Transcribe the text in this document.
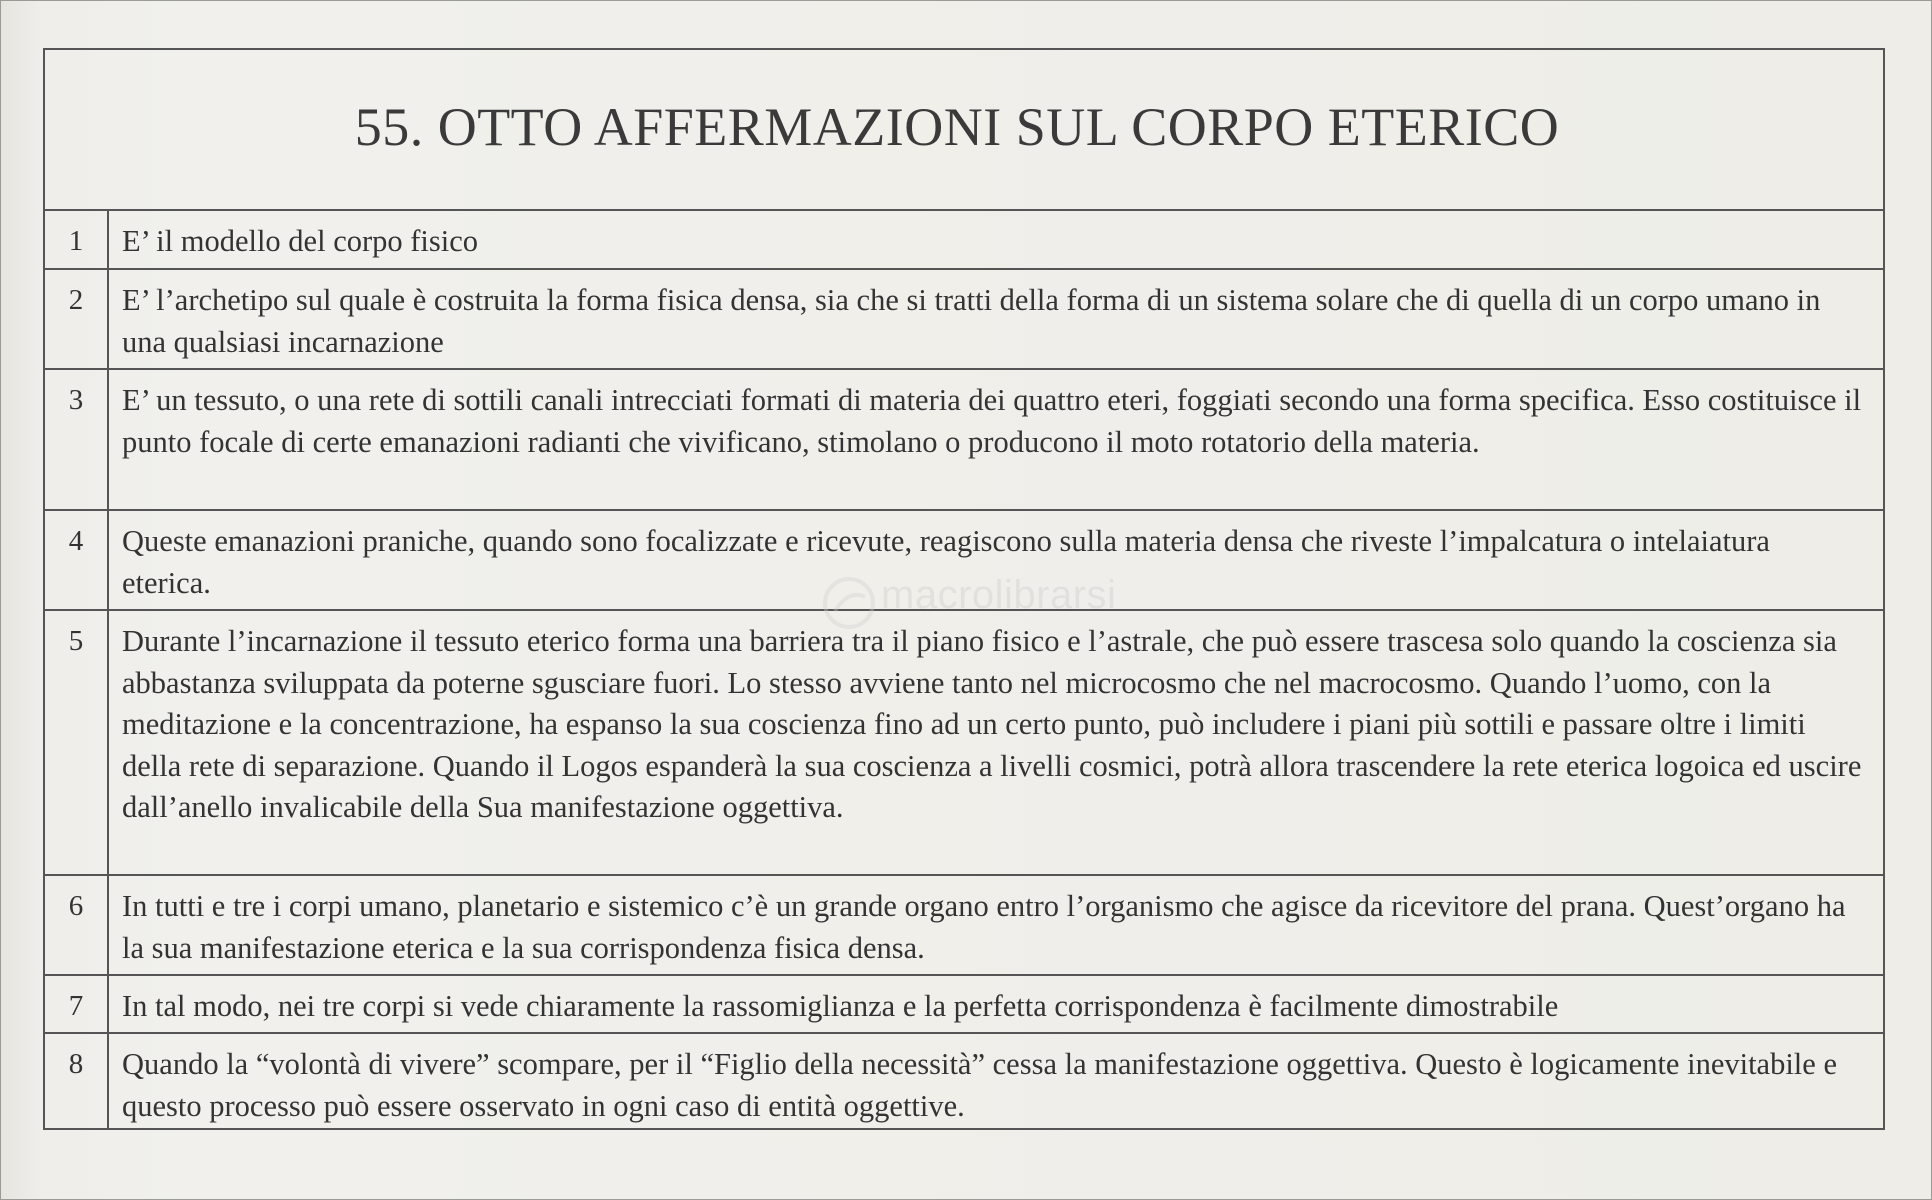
55. OTTO AFFERMAZIONI SUL CORPO ETERICO
1	E’ il modello del corpo fisico
2	E’ l’archetipo sul quale è costruita la forma fisica densa, sia che si tratti della forma di un sistema solare che di quella di un corpo umano in una qualsiasi incarnazione
3	E’ un tessuto, o una rete di sottili canali intrecciati formati di materia dei quattro eteri, foggiati secondo una forma specifica. Esso costituisce il punto focale di certe emanazioni radianti che vivificano, stimolano o producono il moto rotatorio della materia.
4	Queste emanazioni praniche, quando sono focalizzate e ricevute, reagiscono sulla materia densa che riveste l’impalcatura o intelaiatura eterica.
5	Durante l’incarnazione il tessuto eterico forma una barriera tra il piano fisico e l’astrale, che può essere trascesa solo quando la coscienza sia abbastanza sviluppata da poterne sgusciare fuori. Lo stesso avviene tanto nel microcosmo che nel macrocosmo. Quando l’uomo, con la meditazione e la concentrazione, ha espanso la sua coscienza fino ad un certo punto, può includere i piani più sottili e passare oltre i limiti della rete di separazione. Quando il Logos espanderà la sua coscienza a livelli cosmici, potrà allora trascendere la rete eterica logoica ed uscire dall’anello invalicabile della Sua manifestazione oggettiva.
6	In tutti e tre i corpi umano, planetario e sistemico c’è un grande organo entro l’organismo che agisce da ricevitore del prana. Quest’organo ha la sua manifestazione eterica e la sua corrispondenza fisica densa.
7	In tal modo, nei tre corpi si vede chiaramente la rassomiglianza e la perfetta corrispondenza è facilmente dimostrabile
8	Quando la “volontà di vivere” scompare, per il “Figlio della necessità” cessa la manifestazione oggettiva. Questo è logicamente inevitabile e questo processo può essere osservato in ogni caso di entità oggettive.
macrolibrarsi
